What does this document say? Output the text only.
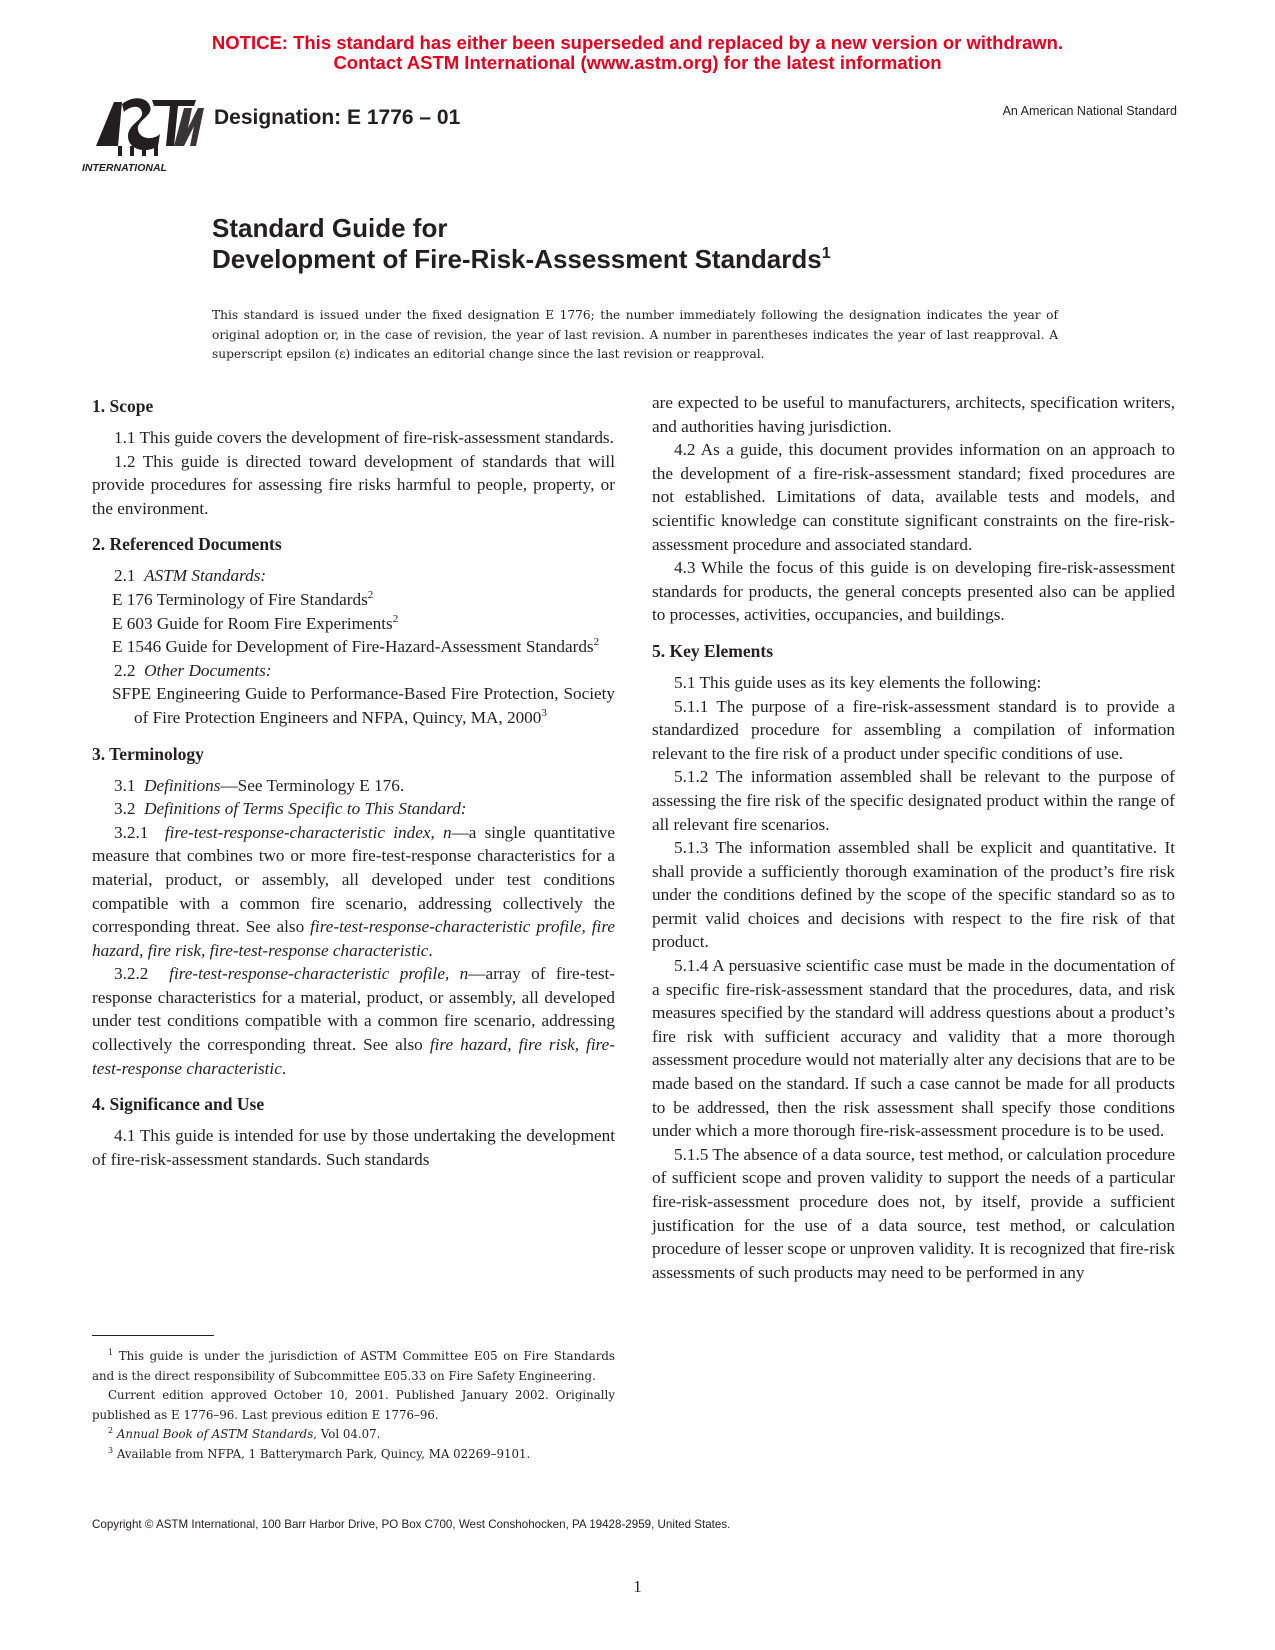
NOTICE: This standard has either been superseded and replaced by a new version or withdrawn.
Contact ASTM International (www.astm.org) for the latest information
INTERNATIONAL
Designation: E 1776 – 01	An American National Standard
Standard Guide for
Development of Fire-Risk-Assessment Standards$^1$
This standard is issued under the fixed designation E 1776; the number immediately following the designation indicates the year of original adoption or, in the case of revision, the year of last revision. A number in parentheses indicates the year of last reapproval. A superscript epsilon (ε) indicates an editorial change since the last revision or reapproval.
1. Scope

1.1 This guide covers the development of fire-risk-assessment standards.

1.2 This guide is directed toward development of standards that will provide procedures for assessing fire risks harmful to people, property, or the environment.

2. Referenced Documents

2.1 ASTM Standards:

E 176 Terminology of Fire Standards$^2$

E 603 Guide for Room Fire Experiments$^2$

E 1546 Guide for Development of Fire-Hazard-Assessment Standards$^2$

2.2 Other Documents:

SFPE Engineering Guide to Performance-Based Fire Protection, Society of Fire Protection Engineers and NFPA, Quincy, MA, 2000$^3$

3. Terminology

3.1 Definitions—See Terminology E 176.

3.2 Definitions of Terms Specific to This Standard:

3.2.1 fire-test-response-characteristic index, n—a single quantitative measure that combines two or more fire-test-response characteristics for a material, product, or assembly, all developed under test conditions compatible with a common fire scenario, addressing collectively the corresponding threat. See also fire-test-response-characteristic profile, fire hazard, fire risk, fire-test-response characteristic.

3.2.2 fire-test-response-characteristic profile, n—array of fire-test-response characteristics for a material, product, or assembly, all developed under test conditions compatible with a common fire scenario, addressing collectively the corresponding threat. See also fire hazard, fire risk, fire-test-response characteristic.

4. Significance and Use

4.1 This guide is intended for use by those undertaking the development of fire-risk-assessment standards. Such standards

are expected to be useful to manufacturers, architects, specification writers, and authorities having jurisdiction.

4.2 As a guide, this document provides information on an approach to the development of a fire-risk-assessment standard; fixed procedures are not established. Limitations of data, available tests and models, and scientific knowledge can constitute significant constraints on the fire-risk-assessment procedure and associated standard.

4.3 While the focus of this guide is on developing fire-risk-assessment standards for products, the general concepts presented also can be applied to processes, activities, occupancies, and buildings.

5. Key Elements

5.1 This guide uses as its key elements the following:

5.1.1 The purpose of a fire-risk-assessment standard is to provide a standardized procedure for assembling a compilation of information relevant to the fire risk of a product under specific conditions of use.

5.1.2 The information assembled shall be relevant to the purpose of assessing the fire risk of the specific designated product within the range of all relevant fire scenarios.

5.1.3 The information assembled shall be explicit and quantitative. It shall provide a sufficiently thorough examination of the product’s fire risk under the conditions defined by the scope of the specific standard so as to permit valid choices and decisions with respect to the fire risk of that product.

5.1.4 A persuasive scientific case must be made in the documentation of a specific fire-risk-assessment standard that the procedures, data, and risk measures specified by the standard will address questions about a product’s fire risk with sufficient accuracy and validity that a more thorough assessment procedure would not materially alter any decisions that are to be made based on the standard. If such a case cannot be made for all products to be addressed, then the risk assessment shall specify those conditions under which a more thorough fire-risk-assessment procedure is to be used.

5.1.5 The absence of a data source, test method, or calculation procedure of sufficient scope and proven validity to support the needs of a particular fire-risk-assessment procedure does not, by itself, provide a sufficient justification for the use of a data source, test method, or calculation procedure of lesser scope or unproven validity. It is recognized that fire-risk assessments of such products may need to be performed in any

$^1$ This guide is under the jurisdiction of ASTM Committee E05 on Fire Standards and is the direct responsibility of Subcommittee E05.33 on Fire Safety Engineering.

Current edition approved October 10, 2001. Published January 2002. Originally published as E 1776–96. Last previous edition E 1776–96.

$^2$ Annual Book of ASTM Standards, Vol 04.07.

$^3$ Available from NFPA, 1 Batterymarch Park, Quincy, MA 02269–9101.

Copyright © ASTM International, 100 Barr Harbor Drive, PO Box C700, West Conshohocken, PA 19428-2959, United States.
1
